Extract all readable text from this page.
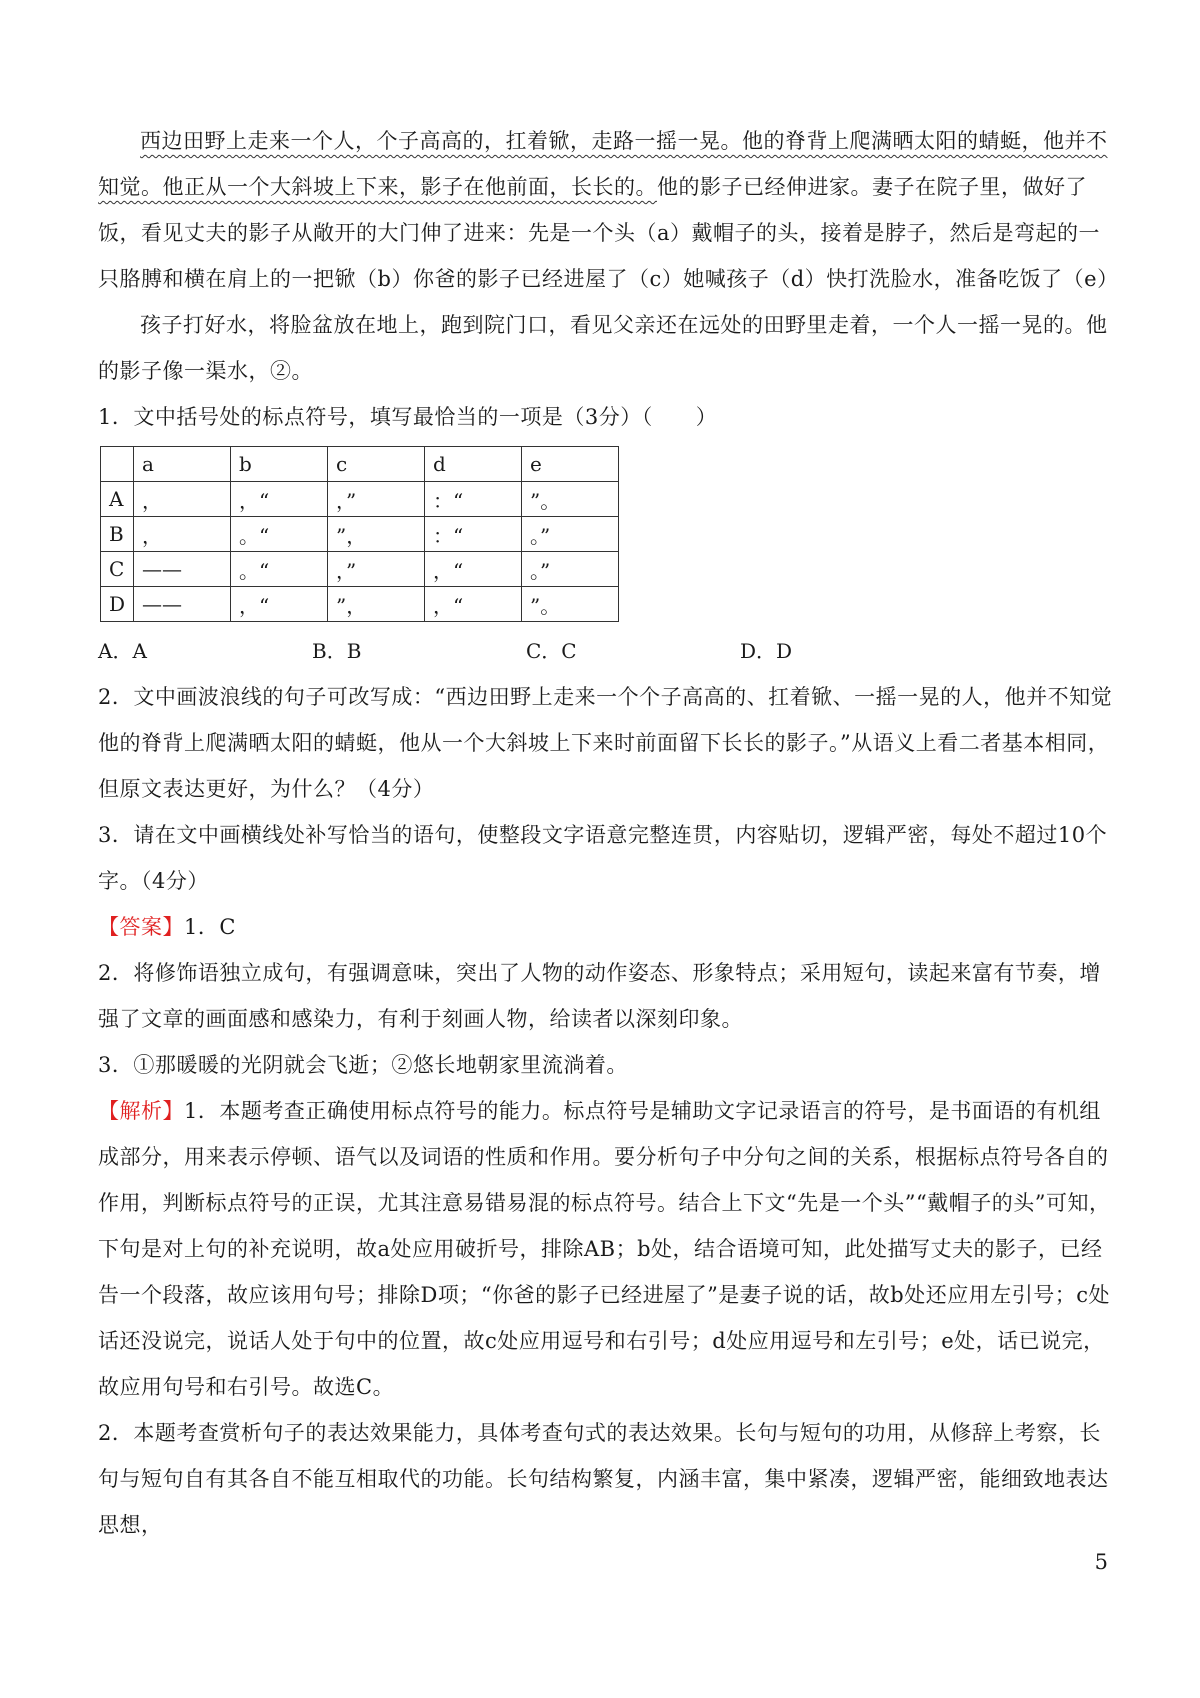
西边田野上走来一个人，个子高高的，扛着锨，走路一摇一晃。他的脊背上爬满晒太阳的蜻蜓，他并不知觉。他正从一个大斜坡上下来，影子在他前面，长长的。他的影子已经伸进家。妻子在院子里，做好了饭，看见丈夫的影子从敞开的大门伸了进来：先是一个头（a）戴帽子的头，接着是脖子，然后是弯起的一只胳膊和横在肩上的一把锨（b）你爸的影子已经进屋了（c）她喊孩子（d）快打洗脸水，准备吃饭了（e）

孩子打好水，将脸盆放在地上，跑到院门口，看见父亲还在远处的田野里走着，一个人一摇一晃的。他的影子像一渠水，②。

1．文中括号处的标点符号，填写最恰当的一项是（3分）（　　）

	a	b	c	d	e
A	，	，“	，”	：“	”。
B	，	。“	”，	：“	。”
C	——	。“	，”	，“	。”
D	——	，“	”，	，“	”。
A．A	B．B	C．C	D．D

2．文中画波浪线的句子可改写成：“西边田野上走来一个个子高高的、扛着锨、一摇一晃的人，他并不知觉他的脊背上爬满晒太阳的蜻蜓，他从一个大斜坡上下来时前面留下长长的影子。”从语义上看二者基本相同，但原文表达更好，为什么？（4分）

3．请在文中画横线处补写恰当的语句，使整段文字语意完整连贯，内容贴切，逻辑严密，每处不超过10个字。（4分）

【答案】1．C

2．将修饰语独立成句，有强调意味，突出了人物的动作姿态、形象特点；采用短句，读起来富有节奏，增强了文章的画面感和感染力，有利于刻画人物，给读者以深刻印象。

3．①那暖暖的光阴就会飞逝；②悠长地朝家里流淌着。

【解析】1．本题考查正确使用标点符号的能力。标点符号是辅助文字记录语言的符号，是书面语的有机组成部分，用来表示停顿、语气以及词语的性质和作用。要分析句子中分句之间的关系，根据标点符号各自的作用，判断标点符号的正误，尤其注意易错易混的标点符号。结合上下文“先是一个头”“戴帽子的头”可知，下句是对上句的补充说明，故a处应用破折号，排除AB；b处，结合语境可知，此处描写丈夫的影子，已经告一个段落，故应该用句号；排除D项；“你爸的影子已经进屋了”是妻子说的话，故b处还应用左引号；c处话还没说完，说话人处于句中的位置，故c处应用逗号和右引号；d处应用逗号和左引号；e处，话已说完，故应用句号和右引号。故选C。

2．本题考查赏析句子的表达效果能力，具体考查句式的表达效果。长句与短句的功用，从修辞上考察，长句与短句自有其各自不能互相取代的功能。长句结构繁复，内涵丰富，集中紧凑，逻辑严密，能细致地表达思想，

5
